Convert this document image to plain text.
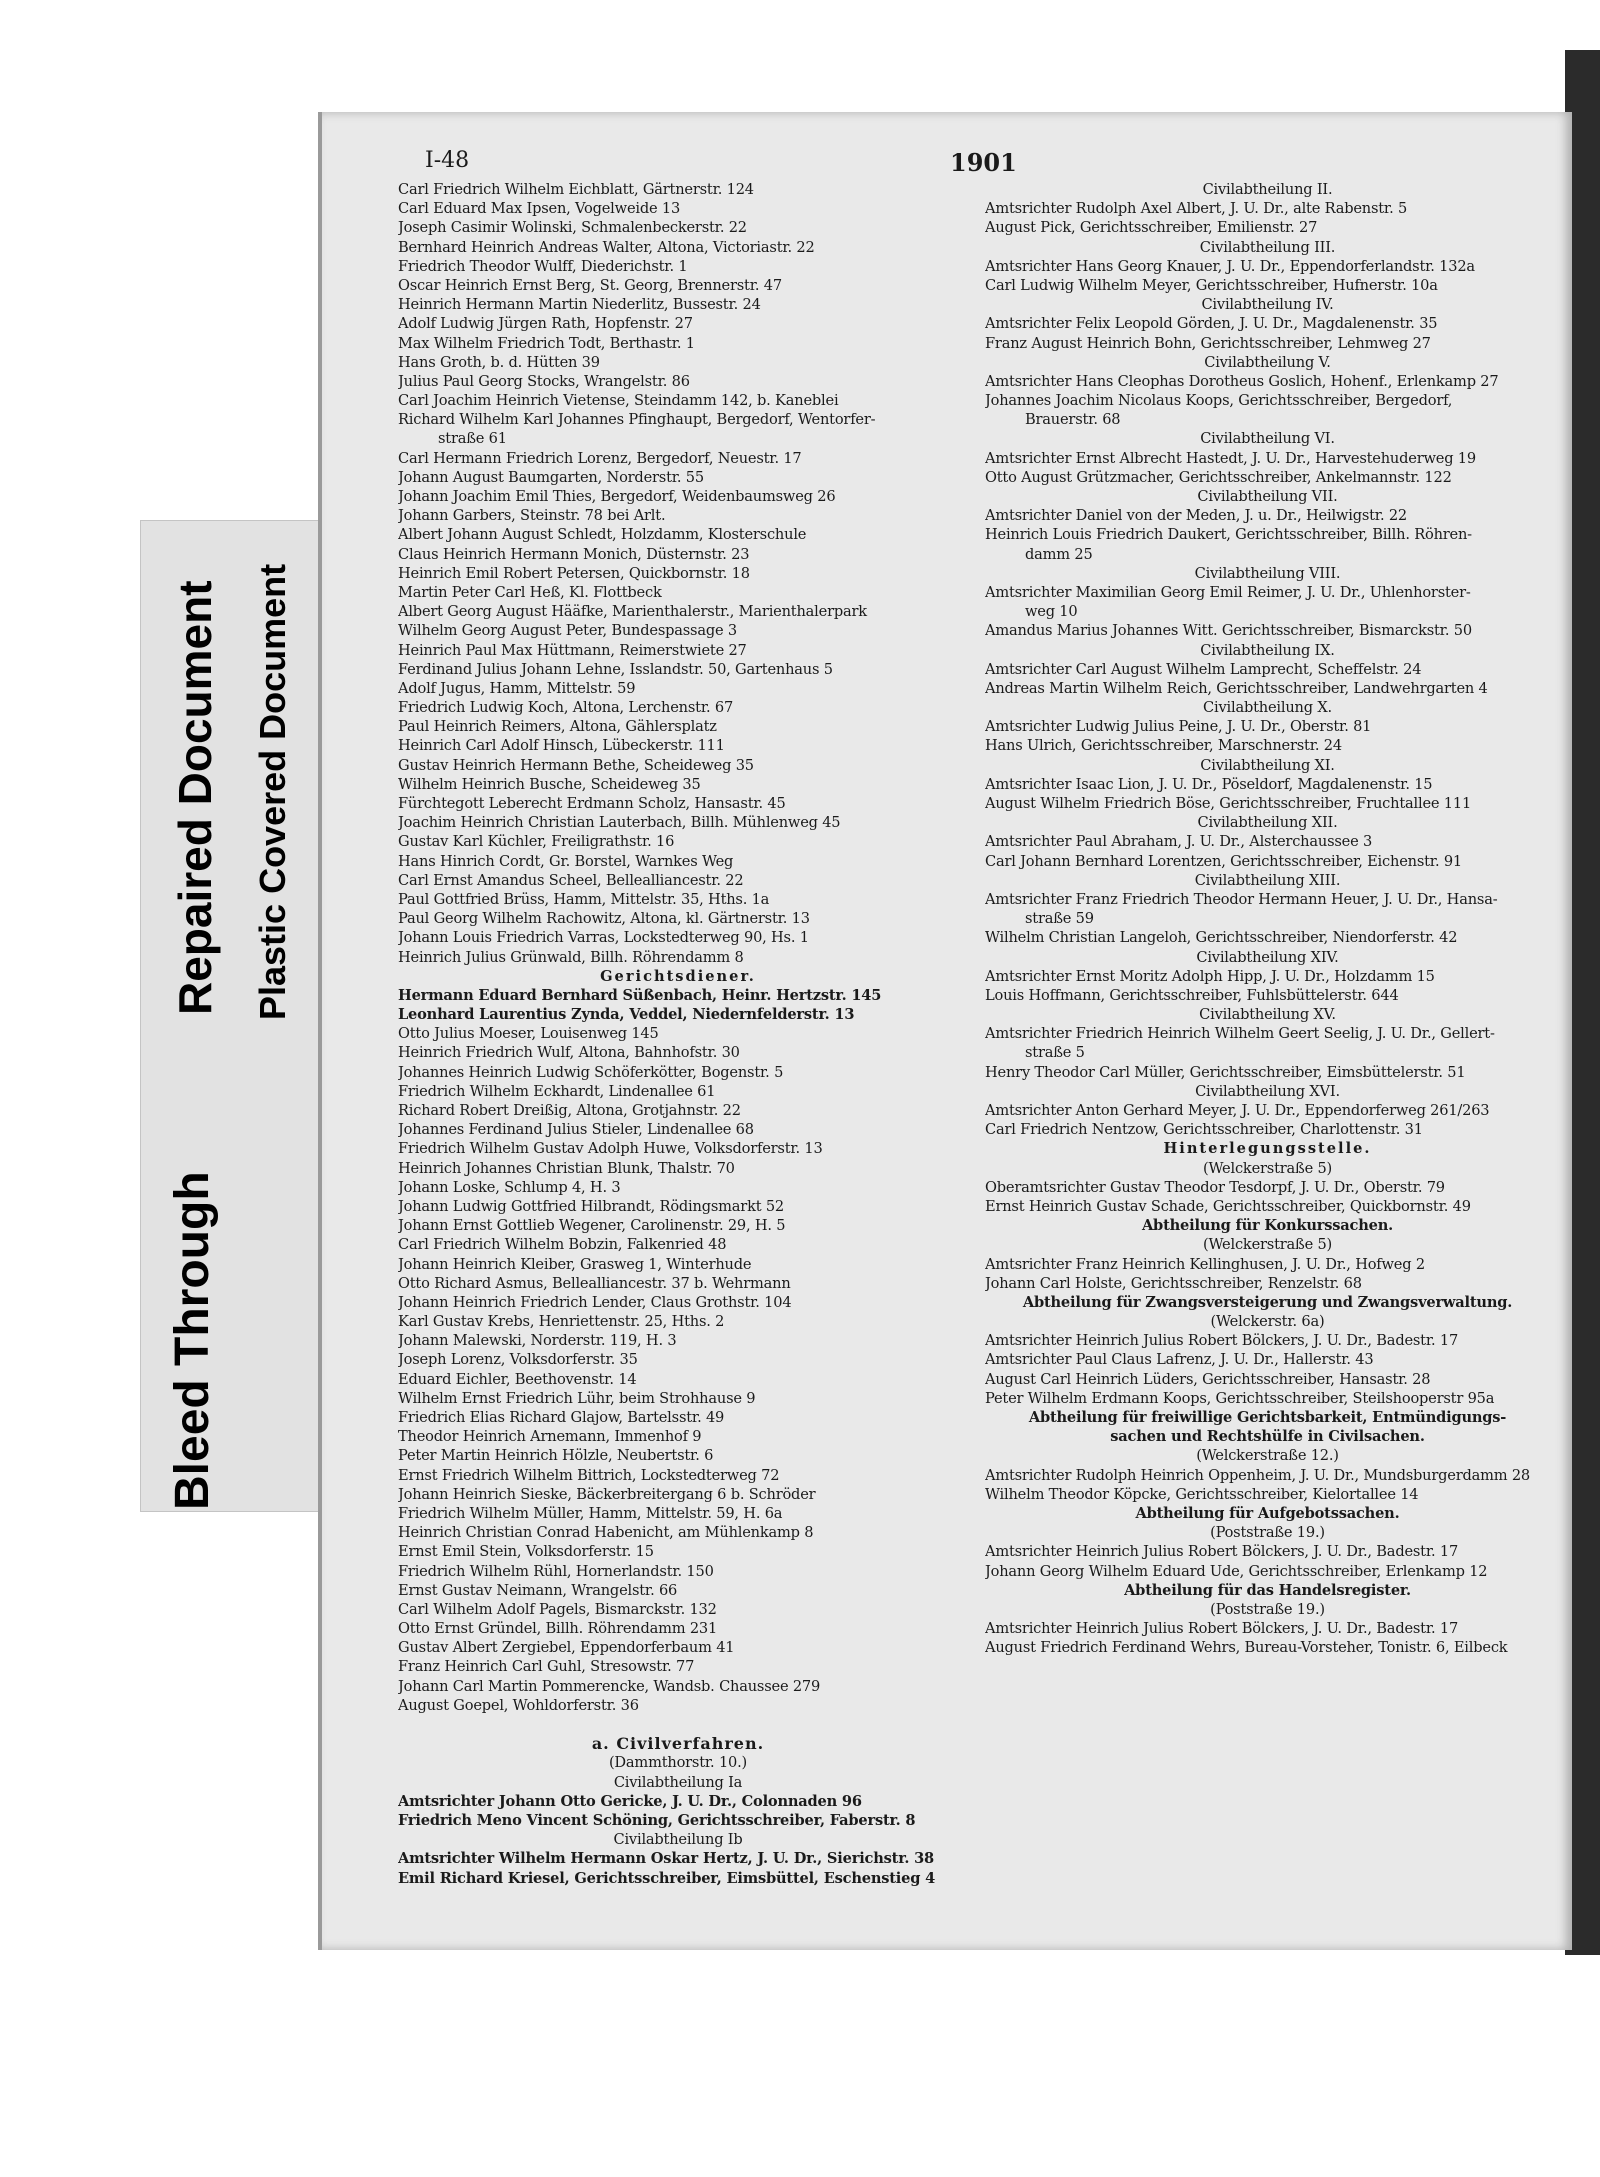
Bleed Through
Repaired Document Plastic Covered Document
I-48	1901
Carl Friedrich Wilhelm Eichblatt, Gärtnerstr. 124
Carl Eduard Max Ipsen, Vogelweide 13
Joseph Casimir Wolinski, Schmalenbeckerstr. 22
Bernhard Heinrich Andreas Walter, Altona, Victoriastr. 22
Friedrich Theodor Wulff, Diederichstr. 1
Oscar Heinrich Ernst Berg, St. Georg, Brennerstr. 47
Heinrich Hermann Martin Niederlitz, Bussestr. 24
Adolf Ludwig Jürgen Rath, Hopfenstr. 27
Max Wilhelm Friedrich Todt, Berthastr. 1
Hans Groth, b. d. Hütten 39
Julius Paul Georg Stocks, Wrangelstr. 86
Carl Joachim Heinrich Vietense, Steindamm 142, b. Kaneblei
Richard Wilhelm Karl Johannes Pfinghaupt, Bergedorf, Wentorfer-
straße 61
Carl Hermann Friedrich Lorenz, Bergedorf, Neuestr. 17
Johann August Baumgarten, Norderstr. 55
Johann Joachim Emil Thies, Bergedorf, Weidenbaumsweg 26
Johann Garbers, Steinstr. 78 bei Arlt.
Albert Johann August Schledt, Holzdamm, Klosterschule
Claus Heinrich Hermann Monich, Düsternstr. 23
Heinrich Emil Robert Petersen, Quickbornstr. 18
Martin Peter Carl Heß, Kl. Flottbeck
Albert Georg August Hääfke, Marienthalerstr., Marienthalerpark
Wilhelm Georg August Peter, Bundespassage 3
Heinrich Paul Max Hüttmann, Reimerstwiete 27
Ferdinand Julius Johann Lehne, Isslandstr. 50, Gartenhaus 5
Adolf Jugus, Hamm, Mittelstr. 59
Friedrich Ludwig Koch, Altona, Lerchenstr. 67
Paul Heinrich Reimers, Altona, Gählersplatz
Heinrich Carl Adolf Hinsch, Lübeckerstr. 111
Gustav Heinrich Hermann Bethe, Scheideweg 35
Wilhelm Heinrich Busche, Scheideweg 35
Fürchtegott Leberecht Erdmann Scholz, Hansastr. 45
Joachim Heinrich Christian Lauterbach, Billh. Mühlenweg 45
Gustav Karl Küchler, Freiligrathstr. 16
Hans Hinrich Cordt, Gr. Borstel, Warnkes Weg
Carl Ernst Amandus Scheel, Bellealliancestr. 22
Paul Gottfried Brüss, Hamm, Mittelstr. 35, Hths. 1a
Paul Georg Wilhelm Rachowitz, Altona, kl. Gärtnerstr. 13
Johann Louis Friedrich Varras, Lockstedterweg 90, Hs. 1
Heinrich Julius Grünwald, Billh. Röhrendamm 8
Gerichtsdiener.
Hermann Eduard Bernhard Süßenbach, Heinr. Hertzstr. 145
Leonhard Laurentius Zynda, Veddel, Niedernfelderstr. 13
Otto Julius Moeser, Louisenweg 145
Heinrich Friedrich Wulf, Altona, Bahnhofstr. 30
Johannes Heinrich Ludwig Schöferkötter, Bogenstr. 5
Friedrich Wilhelm Eckhardt, Lindenallee 61
Richard Robert Dreißig, Altona, Grotjahnstr. 22
Johannes Ferdinand Julius Stieler, Lindenallee 68
Friedrich Wilhelm Gustav Adolph Huwe, Volksdorferstr. 13
Heinrich Johannes Christian Blunk, Thalstr. 70
Johann Loske, Schlump 4, H. 3
Johann Ludwig Gottfried Hilbrandt, Rödingsmarkt 52
Johann Ernst Gottlieb Wegener, Carolinenstr. 29, H. 5
Carl Friedrich Wilhelm Bobzin, Falkenried 48
Johann Heinrich Kleiber, Grasweg 1, Winterhude
Otto Richard Asmus, Bellealliancestr. 37 b. Wehrmann
Johann Heinrich Friedrich Lender, Claus Grothstr. 104
Karl Gustav Krebs, Henriettenstr. 25, Hths. 2
Johann Malewski, Norderstr. 119, H. 3
Joseph Lorenz, Volksdorferstr. 35
Eduard Eichler, Beethovenstr. 14
Wilhelm Ernst Friedrich Lühr, beim Strohhause 9
Friedrich Elias Richard Glajow, Bartelsstr. 49
Theodor Heinrich Arnemann, Immenhof 9
Peter Martin Heinrich Hölzle, Neubertstr. 6
Ernst Friedrich Wilhelm Bittrich, Lockstedterweg 72
Johann Heinrich Sieske, Bäckerbreitergang 6 b. Schröder
Friedrich Wilhelm Müller, Hamm, Mittelstr. 59, H. 6a
Heinrich Christian Conrad Habenicht, am Mühlenkamp 8
Ernst Emil Stein, Volksdorferstr. 15
Friedrich Wilhelm Rühl, Hornerlandstr. 150
Ernst Gustav Neimann, Wrangelstr. 66
Carl Wilhelm Adolf Pagels, Bismarckstr. 132
Otto Ernst Gründel, Billh. Röhrendamm 231
Gustav Albert Zergiebel, Eppendorferbaum 41
Franz Heinrich Carl Guhl, Stresowstr. 77
Johann Carl Martin Pommerencke, Wandsb. Chaussee 279
August Goepel, Wohldorferstr. 36
a. Civilverfahren.
(Dammthorstr. 10.)
Civilabtheilung Ia
Amtsrichter Johann Otto Gericke, J. U. Dr., Colonnaden 96
Friedrich Meno Vincent Schöning, Gerichtsschreiber, Faberstr. 8
Civilabtheilung Ib
Amtsrichter Wilhelm Hermann Oskar Hertz, J. U. Dr., Sierichstr. 38
Emil Richard Kriesel, Gerichtsschreiber, Eimsbüttel, Eschenstieg 4
Civilabtheilung II.
Amtsrichter Rudolph Axel Albert, J. U. Dr., alte Rabenstr. 5
August Pick, Gerichtsschreiber, Emilienstr. 27
Civilabtheilung III.
Amtsrichter Hans Georg Knauer, J. U. Dr., Eppendorferlandstr. 132a
Carl Ludwig Wilhelm Meyer, Gerichtsschreiber, Hufnerstr. 10a
Civilabtheilung IV.
Amtsrichter Felix Leopold Görden, J. U. Dr., Magdalenenstr. 35
Franz August Heinrich Bohn, Gerichtsschreiber, Lehmweg 27
Civilabtheilung V.
Amtsrichter Hans Cleophas Dorotheus Goslich, Hohenf., Erlenkamp 27
Johannes Joachim Nicolaus Koops, Gerichtsschreiber, Bergedorf,
Brauerstr. 68
Civilabtheilung VI.
Amtsrichter Ernst Albrecht Hastedt, J. U. Dr., Harvestehuderweg 19
Otto August Grützmacher, Gerichtsschreiber, Ankelmannstr. 122
Civilabtheilung VII.
Amtsrichter Daniel von der Meden, J. u. Dr., Heilwigstr. 22
Heinrich Louis Friedrich Daukert, Gerichtsschreiber, Billh. Röhren-
damm 25
Civilabtheilung VIII.
Amtsrichter Maximilian Georg Emil Reimer, J. U. Dr., Uhlenhorster-
weg 10
Amandus Marius Johannes Witt. Gerichtsschreiber, Bismarckstr. 50
Civilabtheilung IX.
Amtsrichter Carl August Wilhelm Lamprecht, Scheffelstr. 24
Andreas Martin Wilhelm Reich, Gerichtsschreiber, Landwehrgarten 4
Civilabtheilung X.
Amtsrichter Ludwig Julius Peine, J. U. Dr., Oberstr. 81
Hans Ulrich, Gerichtsschreiber, Marschnerstr. 24
Civilabtheilung XI.
Amtsrichter Isaac Lion, J. U. Dr., Pöseldorf, Magdalenenstr. 15
August Wilhelm Friedrich Böse, Gerichtsschreiber, Fruchtallee 111
Civilabtheilung XII.
Amtsrichter Paul Abraham, J. U. Dr., Alsterchaussee 3
Carl Johann Bernhard Lorentzen, Gerichtsschreiber, Eichenstr. 91
Civilabtheilung XIII.
Amtsrichter Franz Friedrich Theodor Hermann Heuer, J. U. Dr., Hansa-
straße 59
Wilhelm Christian Langeloh, Gerichtsschreiber, Niendorferstr. 42
Civilabtheilung XIV.
Amtsrichter Ernst Moritz Adolph Hipp, J. U. Dr., Holzdamm 15
Louis Hoffmann, Gerichtsschreiber, Fuhlsbüttelerstr. 644
Civilabtheilung XV.
Amtsrichter Friedrich Heinrich Wilhelm Geert Seelig, J. U. Dr., Gellert-
straße 5
Henry Theodor Carl Müller, Gerichtsschreiber, Eimsbüttelerstr. 51
Civilabtheilung XVI.
Amtsrichter Anton Gerhard Meyer, J. U. Dr., Eppendorferweg 261/263
Carl Friedrich Nentzow, Gerichtsschreiber, Charlottenstr. 31
Hinterlegungsstelle.
(Welckerstraße 5)
Oberamtsrichter Gustav Theodor Tesdorpf, J. U. Dr., Oberstr. 79
Ernst Heinrich Gustav Schade, Gerichtsschreiber, Quickbornstr. 49
Abtheilung für Konkurssachen.
(Welckerstraße 5)
Amtsrichter Franz Heinrich Kellinghusen, J. U. Dr., Hofweg 2
Johann Carl Holste, Gerichtsschreiber, Renzelstr. 68
Abtheilung für Zwangsversteigerung und Zwangsverwaltung.
(Welckerstr. 6a)
Amtsrichter Heinrich Julius Robert Bölckers, J. U. Dr., Badestr. 17
Amtsrichter Paul Claus Lafrenz, J. U. Dr., Hallerstr. 43
August Carl Heinrich Lüders, Gerichtsschreiber, Hansastr. 28
Peter Wilhelm Erdmann Koops, Gerichtsschreiber, Steilshooperstr 95a
Abtheilung für freiwillige Gerichtsbarkeit, Entmündigungs-
sachen und Rechtshülfe in Civilsachen.
(Welckerstraße 12.)
Amtsrichter Rudolph Heinrich Oppenheim, J. U. Dr., Mundsburgerdamm 28
Wilhelm Theodor Köpcke, Gerichtsschreiber, Kielortallee 14
Abtheilung für Aufgebotssachen.
(Poststraße 19.)
Amtsrichter Heinrich Julius Robert Bölckers, J. U. Dr., Badestr. 17
Johann Georg Wilhelm Eduard Ude, Gerichtsschreiber, Erlenkamp 12
Abtheilung für das Handelsregister.
(Poststraße 19.)
Amtsrichter Heinrich Julius Robert Bölckers, J. U. Dr., Badestr. 17
August Friedrich Ferdinand Wehrs, Bureau-Vorsteher, Tonistr. 6, Eilbeck
